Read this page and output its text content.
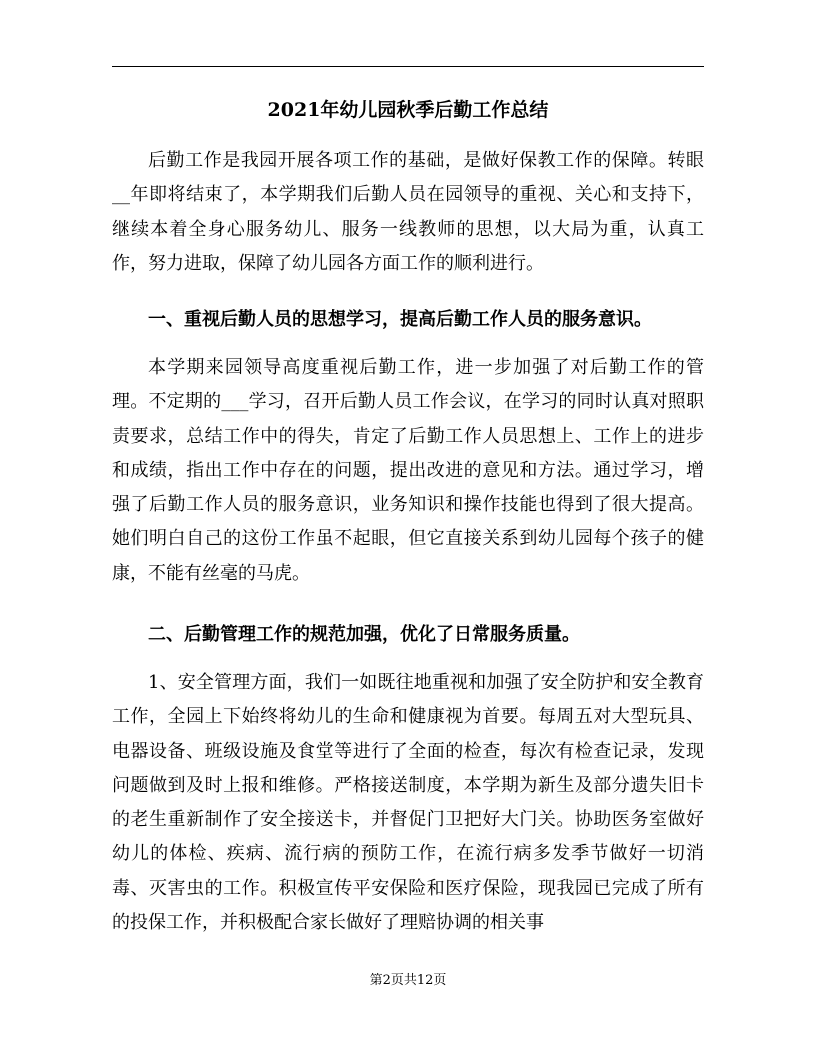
2021年幼儿园秋季后勤工作总结
后勤工作是我园开展各项工作的基础，是做好保教工作的保障。转眼__年即将结束了，本学期我们后勤人员在园领导的重视、关心和支持下，继续本着全身心服务幼儿、服务一线教师的思想，以大局为重，认真工作，努力进取，保障了幼儿园各方面工作的顺利进行。
一、重视后勤人员的思想学习，提高后勤工作人员的服务意识。
本学期来园领导高度重视后勤工作，进一步加强了对后勤工作的管理。不定期的___学习，召开后勤人员工作会议，在学习的同时认真对照职责要求，总结工作中的得失，肯定了后勤工作人员思想上、工作上的进步和成绩，指出工作中存在的问题，提出改进的意见和方法。通过学习，增强了后勤工作人员的服务意识，业务知识和操作技能也得到了很大提高。她们明白自己的这份工作虽不起眼，但它直接关系到幼儿园每个孩子的健康，不能有丝毫的马虎。
二、后勤管理工作的规范加强，优化了日常服务质量。
1、安全管理方面，我们一如既往地重视和加强了安全防护和安全教育工作，全园上下始终将幼儿的生命和健康视为首要。每周五对大型玩具、电器设备、班级设施及食堂等进行了全面的检查，每次有检查记录，发现问题做到及时上报和维修。严格接送制度，本学期为新生及部分遗失旧卡的老生重新制作了安全接送卡，并督促门卫把好大门关。协助医务室做好幼儿的体检、疾病、流行病的预防工作，在流行病多发季节做好一切消毒、灭害虫的工作。积极宣传平安保险和医疗保险，现我园已完成了所有的投保工作，并积极配合家长做好了理赔协调的相关事
第2页共12页
